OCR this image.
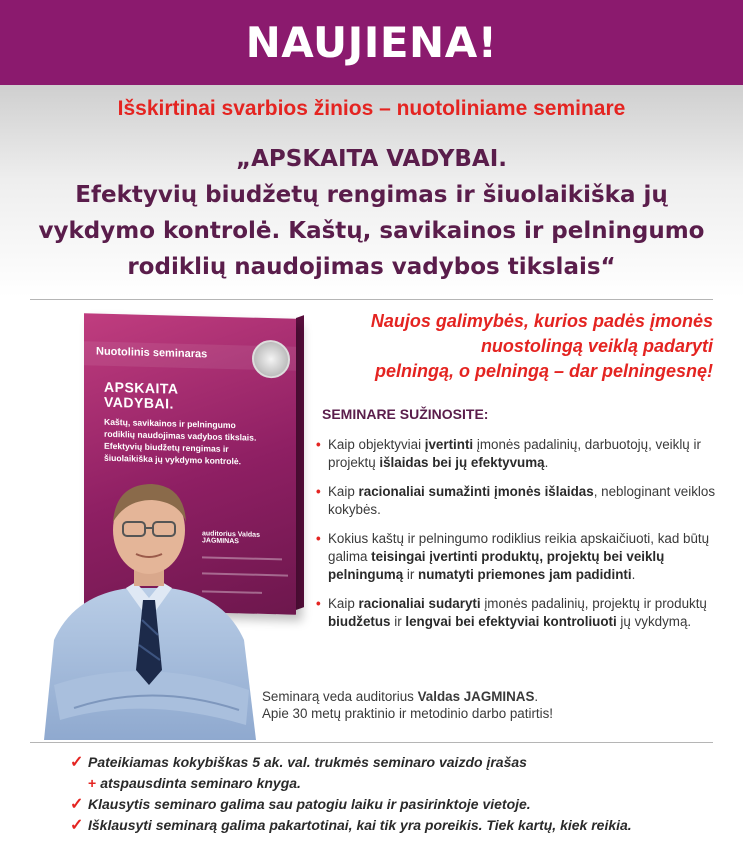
NAUJIENA!
Išskirtinai svarbios žinios – nuotoliniame seminare
„APSKAITA VADYBAI.
Efektyvių biudžetų rengimas ir šiuolaikiška jų
vykdymo kontrolė. Kaštų, savikainos ir pelningumo
rodiklių naudojimas vadybos tikslais“
Nuotolinis seminaras
APSKAITA
VADYBAI.
Kaštų, savikainos ir pelningumo
rodiklių naudojimas vadybos tikslais.
Efektyvių biudžetų rengimas ir
šiuolaikiška jų vykdymo kontrolė.
auditorius Valdas JAGMINAS
Naujos galimybės, kurios padės įmonės
nuostolingą veiklą padaryti
pelningą, o pelningą – dar pelningesnę!
SEMINARE SUŽINOSITE:
• Kaip objektyviai įvertinti įmonės padalinių, darbuotojų, veiklų ir projektų išlaidas bei jų efektyvumą.
• Kaip racionaliai sumažinti įmonės išlaidas, nebloginant veiklos kokybės.
• Kokius kaštų ir pelningumo rodiklius reikia apskaičiuoti, kad būtų galima teisingai įvertinti produktų, projektų bei veiklų pelningumą ir numatyti priemones jam padidinti.
• Kaip racionaliai sudaryti įmonės padalinių, projektų ir produktų biudžetus ir lengvai bei efektyviai kontroliuoti jų vykdymą.
Seminarą veda auditorius Valdas JAGMINAS.
Apie 30 metų praktinio ir metodinio darbo patirtis!
✓ Pateikiamas kokybiškas 5 ak. val. trukmės seminaro vaizdo įrašas
+ atspausdinta seminaro knyga.
✓ Klausytis seminaro galima sau patogiu laiku ir pasirinktoje vietoje.
✓ Išklausyti seminarą galima pakartotinai, kai tik yra poreikis. Tiek kartų, kiek reikia.
